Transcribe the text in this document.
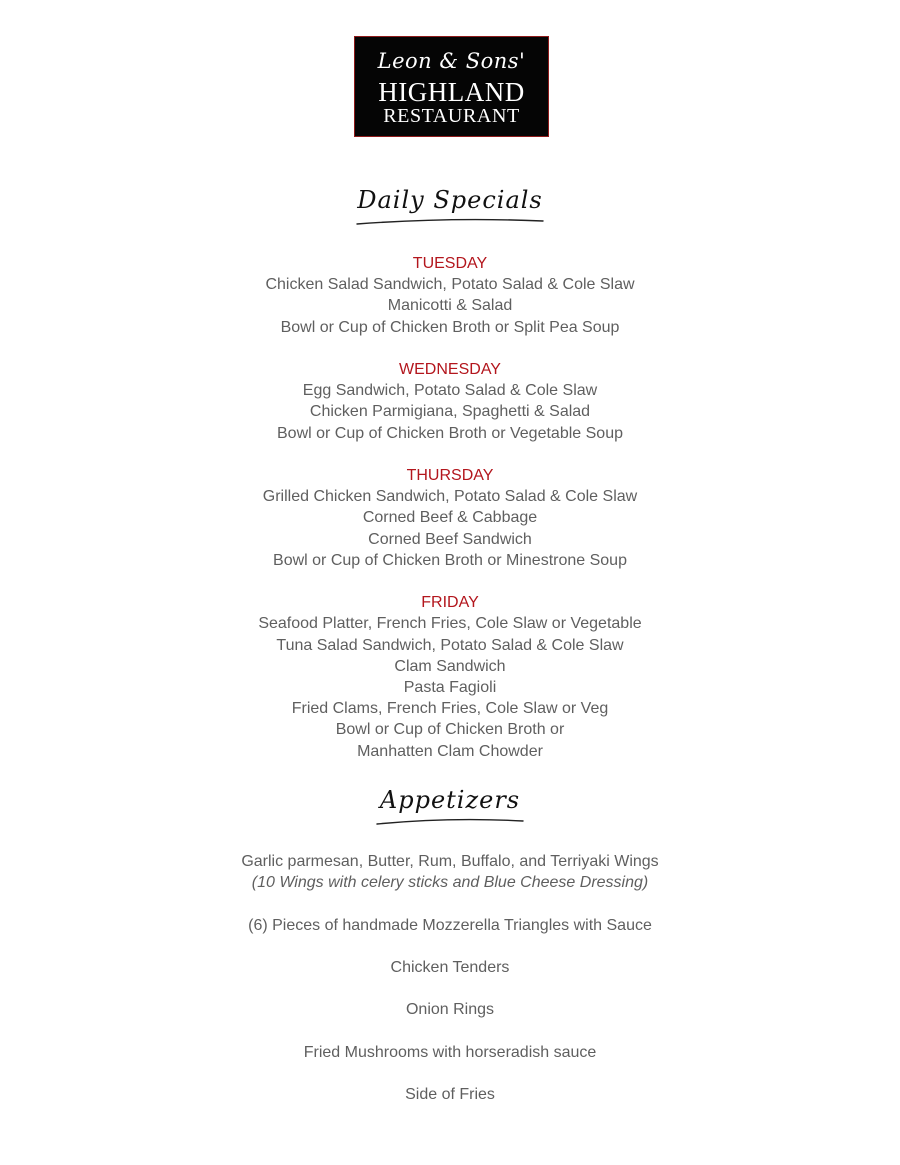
Leon & Sons'
HIGHLAND
RESTAURANT
Daily Specials
TUESDAY
Chicken Salad Sandwich, Potato Salad & Cole Slaw
Manicotti & Salad
Bowl or Cup of Chicken Broth or Split Pea Soup
WEDNESDAY
Egg Sandwich, Potato Salad & Cole Slaw
Chicken Parmigiana, Spaghetti & Salad
Bowl or Cup of Chicken Broth or Vegetable Soup
THURSDAY
Grilled Chicken Sandwich, Potato Salad & Cole Slaw
Corned Beef & Cabbage
Corned Beef Sandwich
Bowl or Cup of Chicken Broth or Minestrone Soup
FRIDAY
Seafood Platter, French Fries, Cole Slaw or Vegetable
Tuna Salad Sandwich, Potato Salad & Cole Slaw
Clam Sandwich
Pasta Fagioli
Fried Clams, French Fries, Cole Slaw or Veg
Bowl or Cup of Chicken Broth or
Manhatten Clam Chowder
Appetizers
Garlic parmesan, Butter, Rum, Buffalo, and Terriyaki Wings
(10 Wings with celery sticks and Blue Cheese Dressing)
(6) Pieces of handmade Mozzerella Triangles with Sauce
Chicken Tenders
Onion Rings
Fried Mushrooms with horseradish sauce
Side of Fries
